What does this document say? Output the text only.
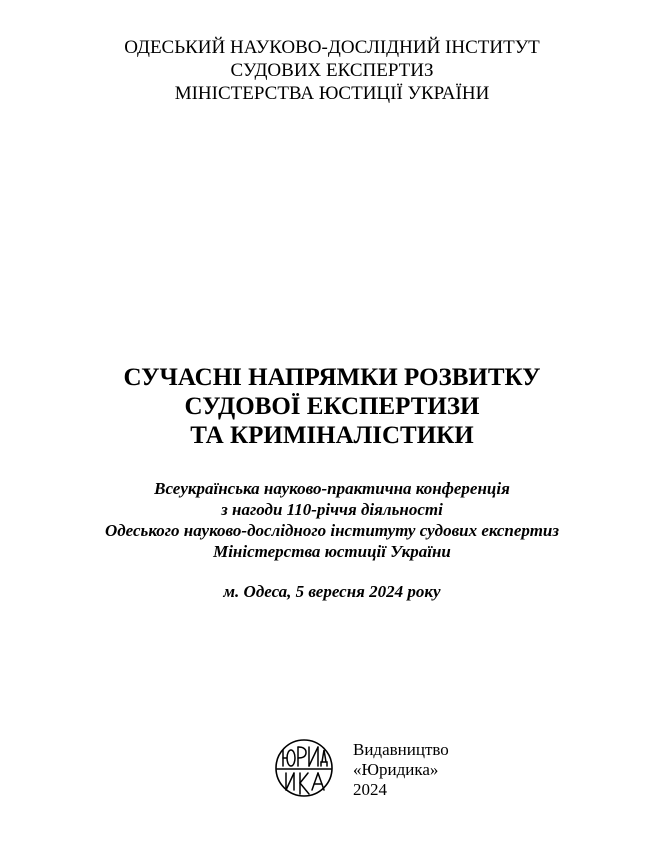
ОДЕСЬКИЙ НАУКОВО-ДОСЛІДНИЙ ІНСТИТУТ
СУДОВИХ ЕКСПЕРТИЗ
МІНІСТЕРСТВА ЮСТИЦІЇ УКРАЇНИ
СУЧАСНІ НАПРЯМКИ РОЗВИТКУ
СУДОВОЇ ЕКСПЕРТИЗИ
ТА КРИМІНАЛІСТИКИ
Всеукраїнська науково-практична конференція
з нагоди 110-річчя діяльності
Одеського науково-дослідного інституту судових експертиз
Міністерства юстиції України
м. Одеса, 5 вересня 2024 року
Видавництво
«Юридика»
2024
